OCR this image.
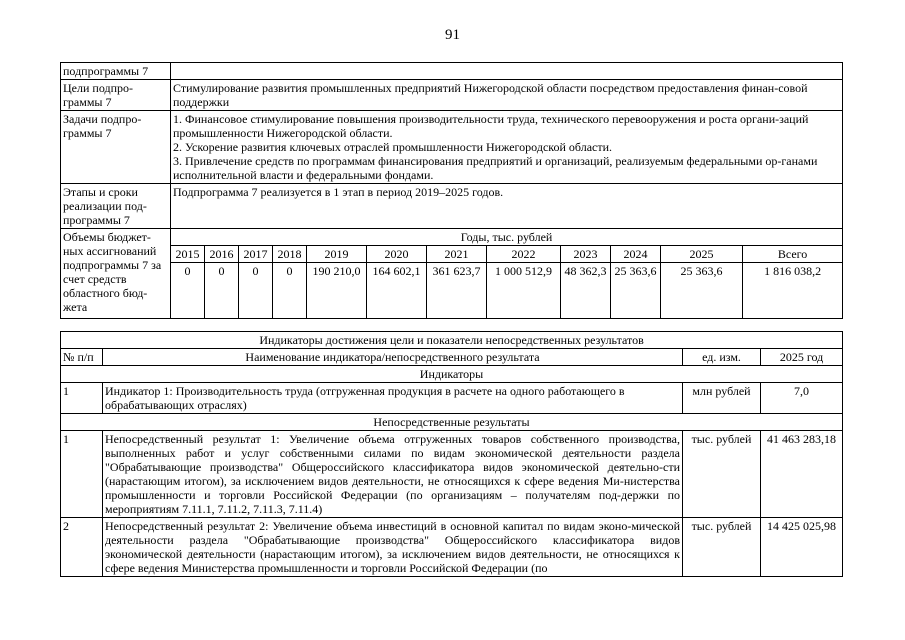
91
подпрограммы 7												
Цели подпро-граммы 7	Стимулирование развития промышленных предприятий Нижегородской области посредством предоставления финан-совой поддержки											
Задачи подпро-граммы 7	1. Финансовое стимулирование повышения производительности труда, технического перевооружения и роста органи-заций промышленности Нижегородской области.
2. Ускорение развития ключевых отраслей промышленности Нижегородской области.
3. Привлечение средств по программам финансирования предприятий и организаций, реализуемым федеральными ор-ганами исполнительной власти и федеральными фондами.											

Этапы и сроки реализации под-программы 7	Подпрограмма 7 реализуется в 1 этап в период 2019–2025 годов.											
Объемы бюджет-ных ассигнований подпрограммы 7 за счет средств областного бюд-жета	Годы, тыс. рублей											
	2015	2016	2017	2018	2019	2020	2021	2022	2023	2024	2025	Всего
	0	0	0	0	190 210,0	164 602,1	361 623,7	1 000 512,9	48 362,3	25 363,6	25 363,6	1 816 038,2
Индикаторы достижения цели и показатели непосредственных результатов			
№ п/п	Наименование индикатора/непосредственного результата	ед. изм.	2025 год
Индикаторы			
1	Индикатор 1: Производительность труда (отгруженная продукция в расчете на одного работающего в обрабатывающих отраслях)	млн рублей	7,0
Непосредственные результаты			
1	Непосредственный результат 1: Увеличение объема отгруженных товаров собственного производства, выполненных работ и услуг собственными силами по видам экономической деятельности раздела "Обрабатывающие производства" Общероссийского классификатора видов экономической деятельно-сти (нарастающим итогом), за исключением видов деятельности, не относящихся к сфере ведения Ми-нистерства промышленности и торговли Российской Федерации (по организациям – получателям под-держки по мероприятиям 7.11.1, 7.11.2, 7.11.3, 7.11.4)	тыс. рублей	41 463 283,18
2	Непосредственный результат 2: Увеличение объема инвестиций в основной капитал по видам эконо-мической деятельности раздела "Обрабатывающие производства" Общероссийского классификатора видов экономической деятельности (нарастающим итогом), за исключением видов деятельности, не относящихся к сфере ведения Министерства промышленности и торговли Российской Федерации (по	тыс. рублей	14 425 025,98
